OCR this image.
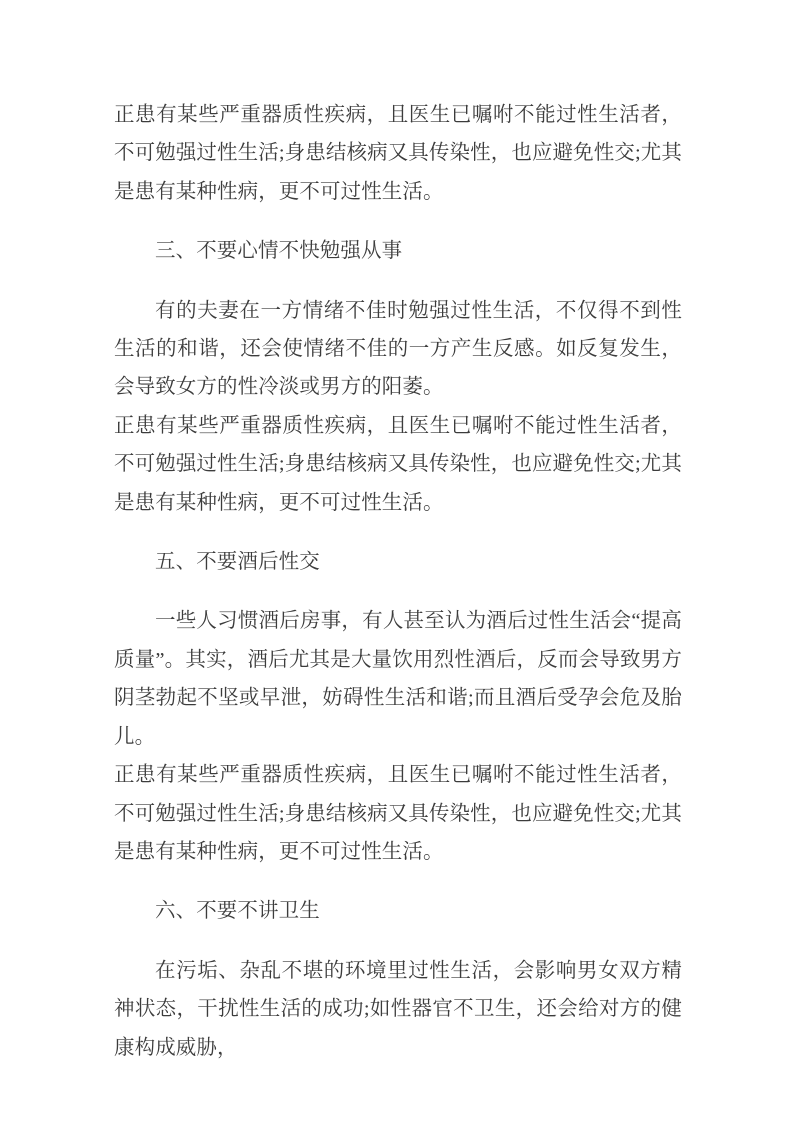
正患有某些严重器质性疾病，且医生已嘱咐不能过性生活者，不可勉强过性生活;身患结核病又具传染性，也应避免性交;尤其是患有某种性病，更不可过性生活。

三、不要心情不快勉强从事

有的夫妻在一方情绪不佳时勉强过性生活，不仅得不到性生活的和谐，还会使情绪不佳的一方产生反感。如反复发生，会导致女方的性冷淡或男方的阳萎。

正患有某些严重器质性疾病，且医生已嘱咐不能过性生活者，不可勉强过性生活;身患结核病又具传染性，也应避免性交;尤其是患有某种性病，更不可过性生活。

五、不要酒后性交

一些人习惯酒后房事，有人甚至认为酒后过性生活会“提高质量”。其实，酒后尤其是大量饮用烈性酒后，反而会导致男方阴茎勃起不坚或早泄，妨碍性生活和谐;而且酒后受孕会危及胎儿。

正患有某些严重器质性疾病，且医生已嘱咐不能过性生活者，不可勉强过性生活;身患结核病又具传染性，也应避免性交;尤其是患有某种性病，更不可过性生活。

六、不要不讲卫生

在污垢、杂乱不堪的环境里过性生活，会影响男女双方精神状态，干扰性生活的成功;如性器官不卫生，还会给对方的健康构成威胁，
